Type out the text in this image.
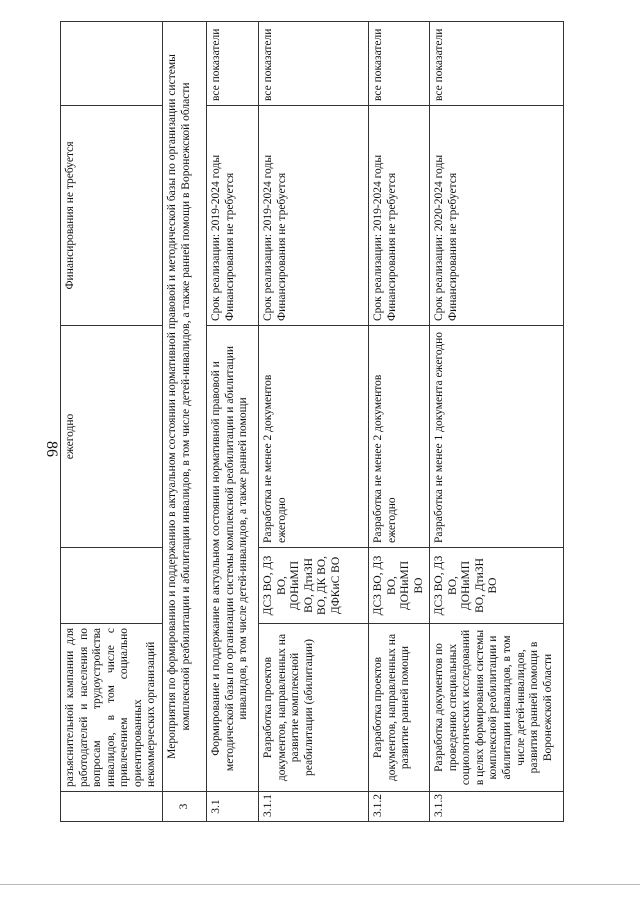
86
	разъяснительной кампании для работодателей и населения по вопросам трудоустройства инвалидов, в том числе с привлечением социально ориентированных некоммерческих организаций		ежегодно	Финансирования не требуется	
3	Мероприятия по формированию и поддержанию в актуальном состоянии нормативной правовой и методической базы по организации системы комплексной реабилитации и абилитации инвалидов, в том числе детей-инвалидов, а также ранней помощи в Воронежской области				
3.1	Формирование и поддержание в актуальном состоянии нормативной правовой и методической базы по организации системы комплексной реабилитации и абилитации инвалидов, в том числе детей-инвалидов, а также ранней помощи			Срок реализации: 2019-2024 годы Финансирования не требуется	все показатели
3.1.1	Разработка проектов документов, направленных на развитие комплексной реабилитации (абилитации)	ДСЗ ВО, ДЗ ВО, ДОНиМП ВО, ДтиЗН ВО, ДК ВО, ДФКиС ВО	Разработка не менее 2 документов ежегодно	Срок реализации: 2019-2024 годы Финансирования не требуется	все показатели
3.1.2	Разработка проектов документов, направленных на развитие ранней помощи	ДСЗ ВО, ДЗ ВО, ДОНиМП ВО	Разработка не менее 2 документов ежегодно	Срок реализации: 2019-2024 годы Финансирования не требуется	все показатели
3.1.3	Разработка документов по проведению специальных социологических исследований в целях формирования системы комплексной реабилитации и абилитации инвалидов, в том числе детей-инвалидов, развития ранней помощи в Воронежской области	ДСЗ ВО, ДЗ ВО, ДОНиМП ВО, ДтиЗН ВО	Разработка не менее 1 документа ежегодно	Срок реализации: 2020-2024 годы Финансирования не требуется	все показатели
